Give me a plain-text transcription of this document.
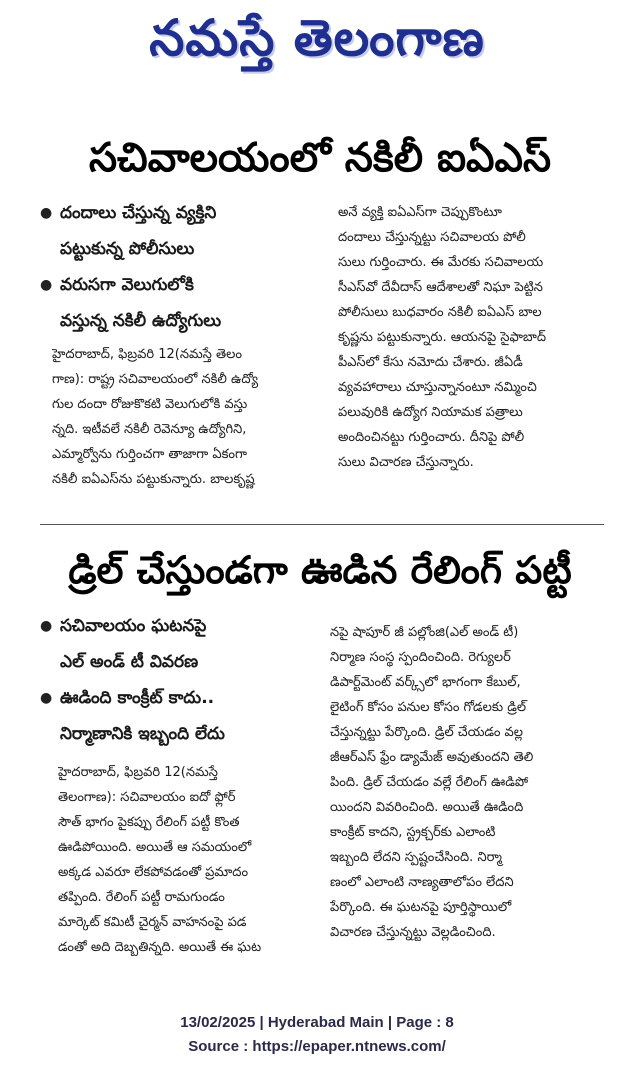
నమస్తే తెలంగాణ
సచివాలయంలో నకిలీ ఐఏఎస్
● దందాలు చేస్తున్న వ్యక్తిని
పట్టుకున్న పోలీసులు
● వరుసగా వెలుగులోకి
వస్తున్న నకిలీ ఉద్యోగులు
హైదరాబాద్, ఫిబ్రవరి 12(నమస్తే తెలం
గాణ): రాష్ట్ర సచివాలయంలో నకిలీ ఉద్యో
గుల దందా రోజుకొకటి వెలుగులోకి వస్తు
న్నది. ఇటీవలే నకిలీ రెవెన్యూ ఉద్యోగిని,
ఎమ్మార్వోను గుర్తించగా తాజాగా ఏకంగా
నకిలీ ఐఏఎస్‌ను పట్టుకున్నారు. బాలకృష్ణ
అనే వ్యక్తి ఐఏఎస్‌గా చెప్పుకొంటూ
దందాలు చేస్తున్నట్టు సచివాలయ పోలీ
సులు గుర్తించారు. ఈ మేరకు సచివాలయ
సీఎస్‌వో దేవీదాస్ ఆదేశాలతో నిఘా పెట్టిన
పోలీసులు బుధవారం నకిలీ ఐఏఎస్ బాల
కృష్ణను పట్టుకున్నారు. ఆయనపై సైఫాబాద్
పీఎస్‌లో కేసు నమోదు చేశారు. జీఏడీ
వ్యవహారాలు చూస్తున్నానంటూ నమ్మించి
పలువురికి ఉద్యోగ నియామక పత్రాలు
అందించినట్టు గుర్తించారు. దీనిపై పోలీ
సులు విచారణ చేస్తున్నారు.
డ్రిల్ చేస్తుండగా ఊడిన రేలింగ్ పట్టీ
● సచివాలయం ఘటనపై
ఎల్ అండ్ టీ వివరణ
● ఊడింది కాంక్రీట్ కాదు..
నిర్మాణానికి ఇబ్బంది లేదు
హైదరాబాద్, ఫిబ్రవరి 12(నమస్తే
తెలంగాణ): సచివాలయం ఐదో ఫ్లోర్
సౌత్ భాగం పైకప్పు రేలింగ్ పట్టీ కొంత
ఊడిపోయింది. అయితే ఆ సమయంలో
అక్కడ ఎవరూ లేకపోవడంతో ప్రమాదం
తప్పింది. రేలింగ్ పట్టీ రామగుండం
మార్కెట్ కమిటీ చైర్మన్ వాహనంపై పడ
డంతో అది దెబ్బతిన్నది. అయితే ఈ ఘట
నపై షాపూర్ జీ పల్లోంజి(ఎల్ అండ్ టీ)
నిర్మాణ సంస్థ స్పందించింది. రెగ్యులర్
డిపార్ట్‌మెంట్ వర్క్స్‌లో భాగంగా కేబుల్,
లైటింగ్ కోసం పనుల కోసం గోడలకు డ్రిల్
చేస్తున్నట్టు పేర్కొంది. డ్రిల్ చేయడం వల్ల
జీఆర్ఎస్ ఫ్రేం డ్యామేజ్ అవుతుందని తెలి
పింది. డ్రిల్ చేయడం వల్లే రేలింగ్ ఊడిపో
యిందని వివరించింది. అయితే ఊడింది
కాంక్రీట్ కాదని, స్ట్రక్చర్‌కు ఎలాంటి
ఇబ్బంది లేదని స్పష్టంచేసింది. నిర్మా
ణంలో ఎలాంటి నాణ్యతాలోపం లేదని
పేర్కొంది. ఈ ఘటనపై పూర్తిస్థాయిలో
విచారణ చేస్తున్నట్టు వెల్లడించింది.
13/02/2025 | Hyderabad Main | Page : 8
Source : https://epaper.ntnews.com/
